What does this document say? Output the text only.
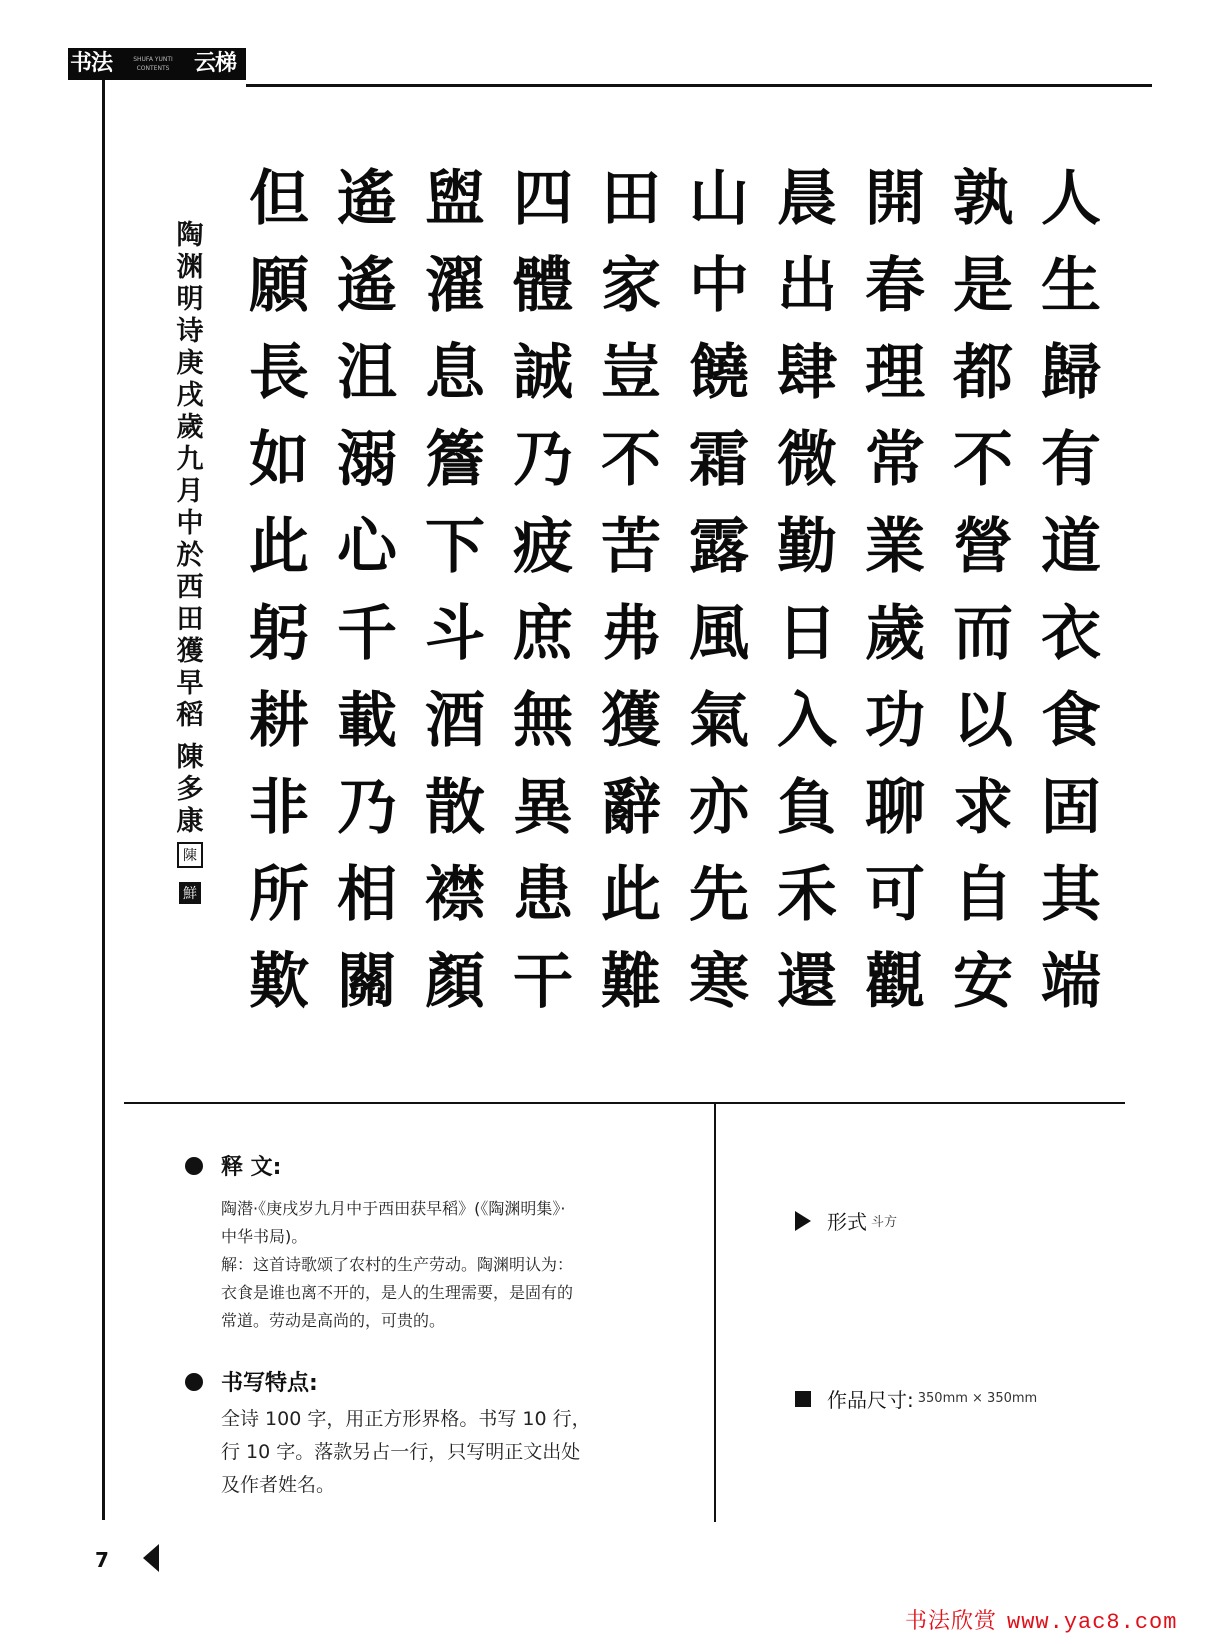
书法	SHUFA YUNTI
CONTENTS	云梯
人
生
歸
有
道
衣
食
固
其
端
孰
是
都
不
營
而
以
求
自
安
開
春
理
常
業
歲
功
聊
可
觀
晨
出
肆
微
勤
日
入
負
禾
還
山
中
饒
霜
露
風
氣
亦
先
寒
田
家
豈
不
苦
弗
獲
辭
此
難
四
體
誠
乃
疲
庶
無
異
患
干
盥
濯
息
簷
下
斗
酒
散
襟
顏
遙
遙
沮
溺
心
千
載
乃
相
關
但
願
長
如
此
躬
耕
非
所
歎
陶
渊
明
诗
庚
戌
歲
九
月
中
於
西
田
獲
早
稻
陳
多
康
陳
鮮
释 文:
陶潜·《庚戌岁九月中于西田获早稻》(《陶渊明集》·
中华书局)。
解：这首诗歌颂了农村的生产劳动。陶渊明认为：
衣食是谁也离不开的，是人的生理需要，是固有的
常道。劳动是高尚的，可贵的。
书写特点:
全诗 100 字，用正方形界格。书写 10 行，
行 10 字。落款另占一行，只写明正文出处
及作者姓名。
形式 斗方
作品尺寸: 350mm × 350mm
7
书法欣赏 www.yac8.com
